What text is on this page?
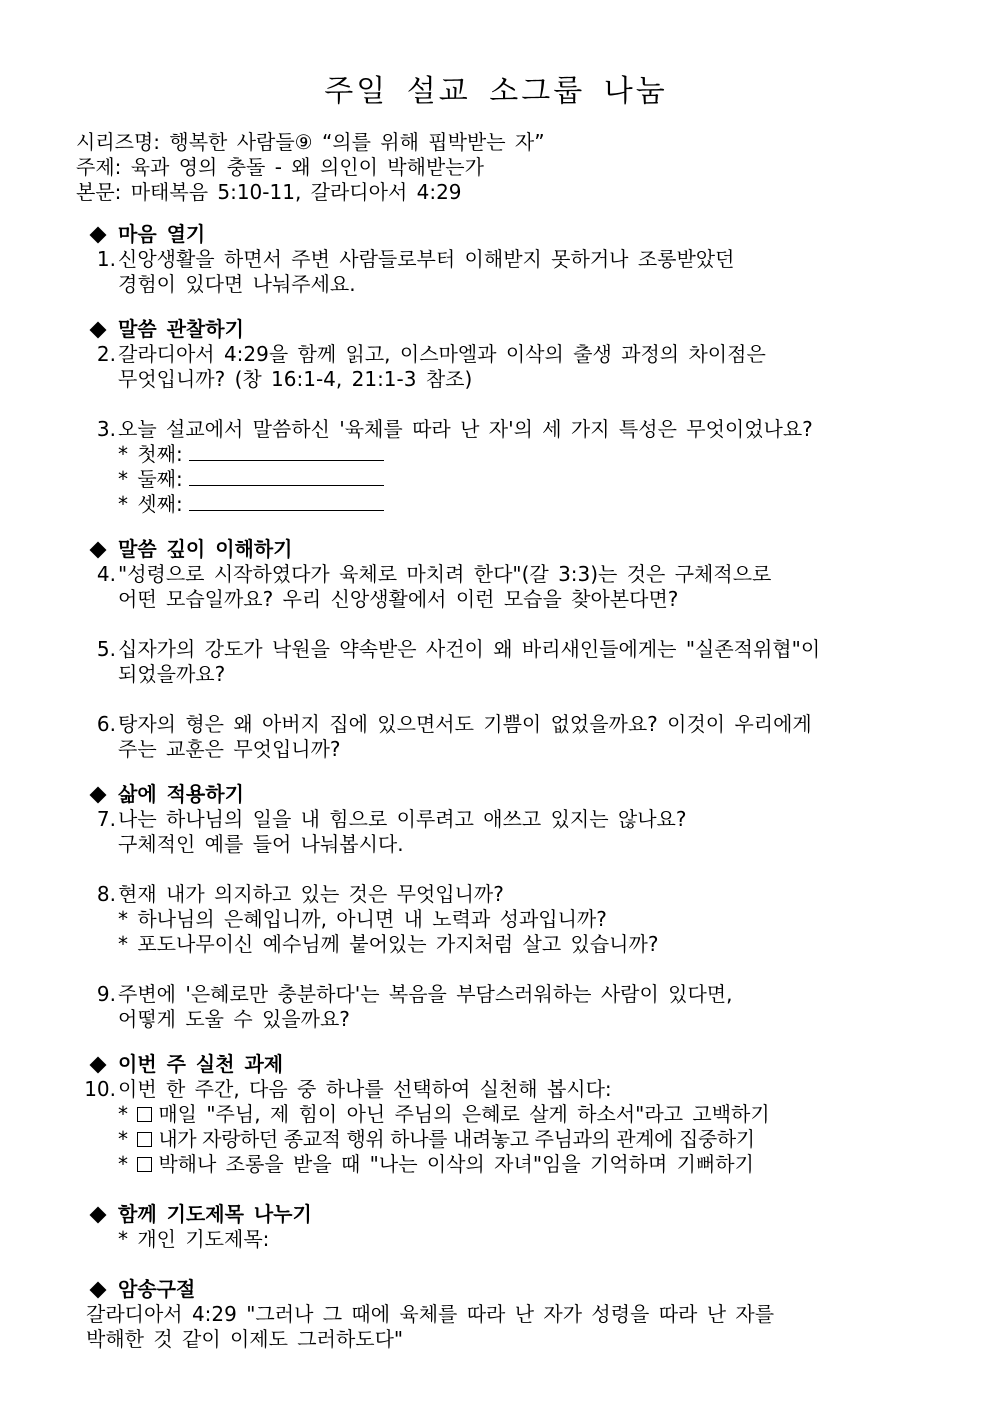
주일 설교 소그룹 나눔
시리즈명: 행복한 사람들⑨ “의를 위해 핍박받는 자”
주제: 육과 영의 충돌 - 왜 의인이 박해받는가
본문: 마태복음 5:10-11, 갈라디아서 4:29
마음 열기
1. 신앙생활을 하면서 주변 사람들로부터 이해받지 못하거나 조롱받았던
경험이 있다면 나눠주세요.
말씀 관찰하기
2. 갈라디아서 4:29을 함께 읽고, 이스마엘과 이삭의 출생 과정의 차이점은
무엇입니까? (창 16:1-4, 21:1-3 참조)
3. 오늘 설교에서 말씀하신 '육체를 따라 난 자'의 세 가지 특성은 무엇이었나요?
* 첫째:
* 둘째:
* 셋째:
말씀 깊이 이해하기
4. "성령으로 시작하였다가 육체로 마치려 한다"(갈 3:3)는 것은 구체적으로
어떤 모습일까요? 우리 신앙생활에서 이런 모습을 찾아본다면?
5. 십자가의 강도가 낙원을 약속받은 사건이 왜 바리새인들에게는 "실존적위협"이
되었을까요?
6. 탕자의 형은 왜 아버지 집에 있으면서도 기쁨이 없었을까요? 이것이 우리에게
주는 교훈은 무엇입니까?
삶에 적용하기
7. 나는 하나님의 일을 내 힘으로 이루려고 애쓰고 있지는 않나요?
구체적인 예를 들어 나눠봅시다.
8. 현재 내가 의지하고 있는 것은 무엇입니까?
* 하나님의 은혜입니까, 아니면 내 노력과 성과입니까?
* 포도나무이신 예수님께 붙어있는 가지처럼 살고 있습니까?
9. 주변에 '은혜로만 충분하다'는 복음을 부담스러워하는 사람이 있다면,
어떻게 도울 수 있을까요?
이번 주 실천 과제
10. 이번 한 주간, 다음 중 하나를 선택하여 실천해 봅시다:
* 매일 "주님, 제 힘이 아닌 주님의 은혜로 살게 하소서"라고 고백하기
* 내가 자랑하던 종교적 행위 하나를 내려놓고 주님과의 관계에 집중하기
* 박해나 조롱을 받을 때 "나는 이삭의 자녀"임을 기억하며 기뻐하기
함께 기도제목 나누기
* 개인 기도제목:
암송구절
갈라디아서 4:29 "그러나 그 때에 육체를 따라 난 자가 성령을 따라 난 자를
박해한 것 같이 이제도 그러하도다"
